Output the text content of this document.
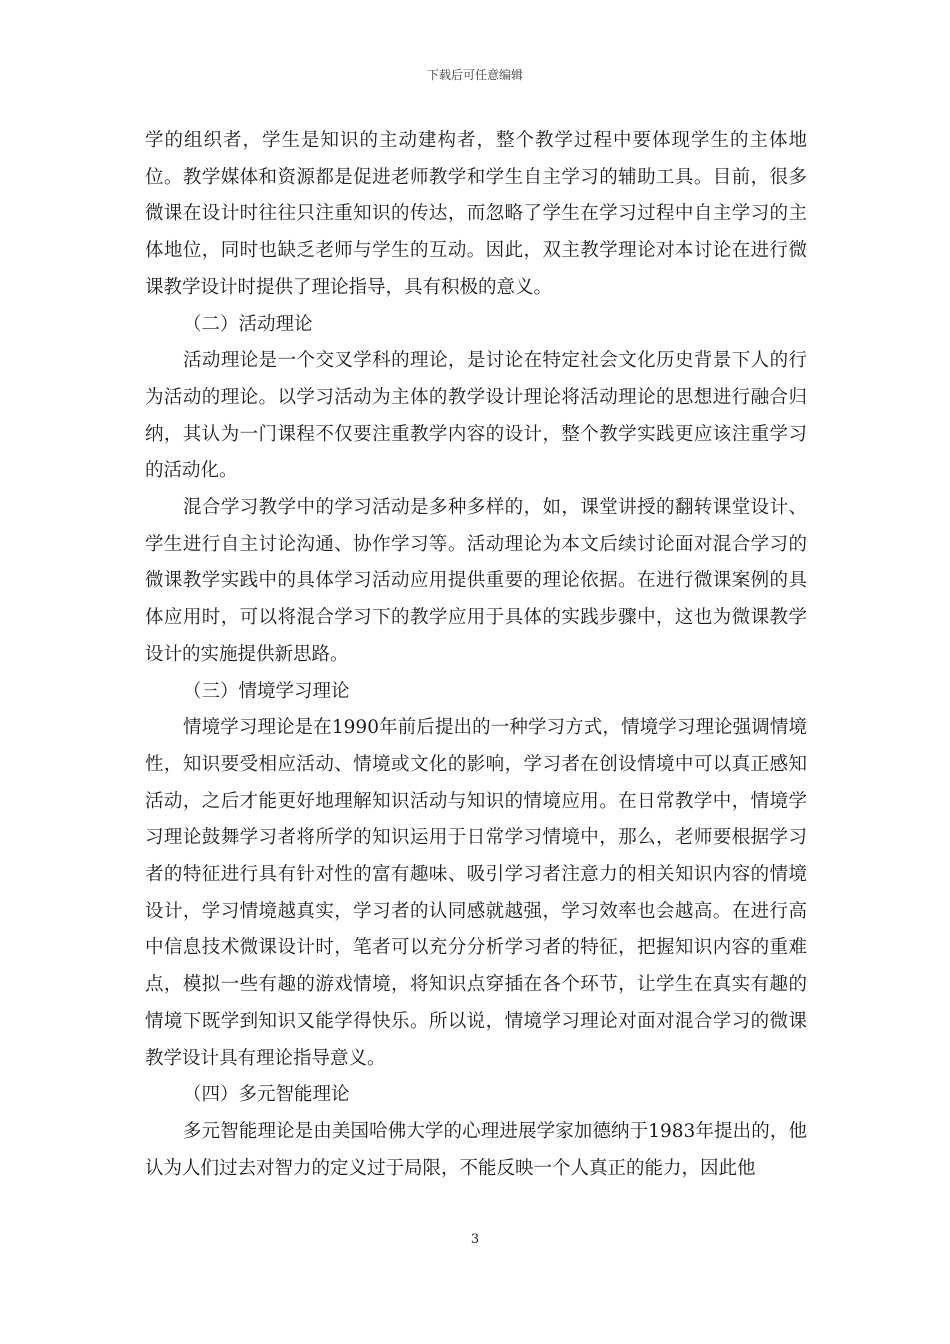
下载后可任意编辑

学的组织者，学生是知识的主动建构者，整个教学过程中要体现学生的主体地位。教学媒体和资源都是促进老师教学和学生自主学习的辅助工具。目前，很多微课在设计时往往只注重知识的传达，而忽略了学生在学习过程中自主学习的主体地位，同时也缺乏老师与学生的互动。因此，双主教学理论对本讨论在进行微课教学设计时提供了理论指导，具有积极的意义。

（二）活动理论

活动理论是一个交叉学科的理论，是讨论在特定社会文化历史背景下人的行为活动的理论。以学习活动为主体的教学设计理论将活动理论的思想进行融合归纳，其认为一门课程不仅要注重教学内容的设计，整个教学实践更应该注重学习的活动化。

混合学习教学中的学习活动是多种多样的，如，课堂讲授的翻转课堂设计、学生进行自主讨论沟通、协作学习等。活动理论为本文后续讨论面对混合学习的微课教学实践中的具体学习活动应用提供重要的理论依据。在进行微课案例的具体应用时，可以将混合学习下的教学应用于具体的实践步骤中，这也为微课教学设计的实施提供新思路。

（三）情境学习理论

情境学习理论是在1990年前后提出的一种学习方式，情境学习理论强调情境性，知识要受相应活动、情境或文化的影响，学习者在创设情境中可以真正感知活动，之后才能更好地理解知识活动与知识的情境应用。在日常教学中，情境学习理论鼓舞学习者将所学的知识运用于日常学习情境中，那么，老师要根据学习者的特征进行具有针对性的富有趣味、吸引学习者注意力的相关知识内容的情境设计，学习情境越真实，学习者的认同感就越强，学习效率也会越高。在进行高中信息技术微课设计时，笔者可以充分分析学习者的特征，把握知识内容的重难点，模拟一些有趣的游戏情境，将知识点穿插在各个环节，让学生在真实有趣的情境下既学到知识又能学得快乐。所以说，情境学习理论对面对混合学习的微课教学设计具有理论指导意义。

（四）多元智能理论

多元智能理论是由美国哈佛大学的心理进展学家加德纳于1983年提出的，他认为人们过去对智力的定义过于局限，不能反映一个人真正的能力，因此他

3
